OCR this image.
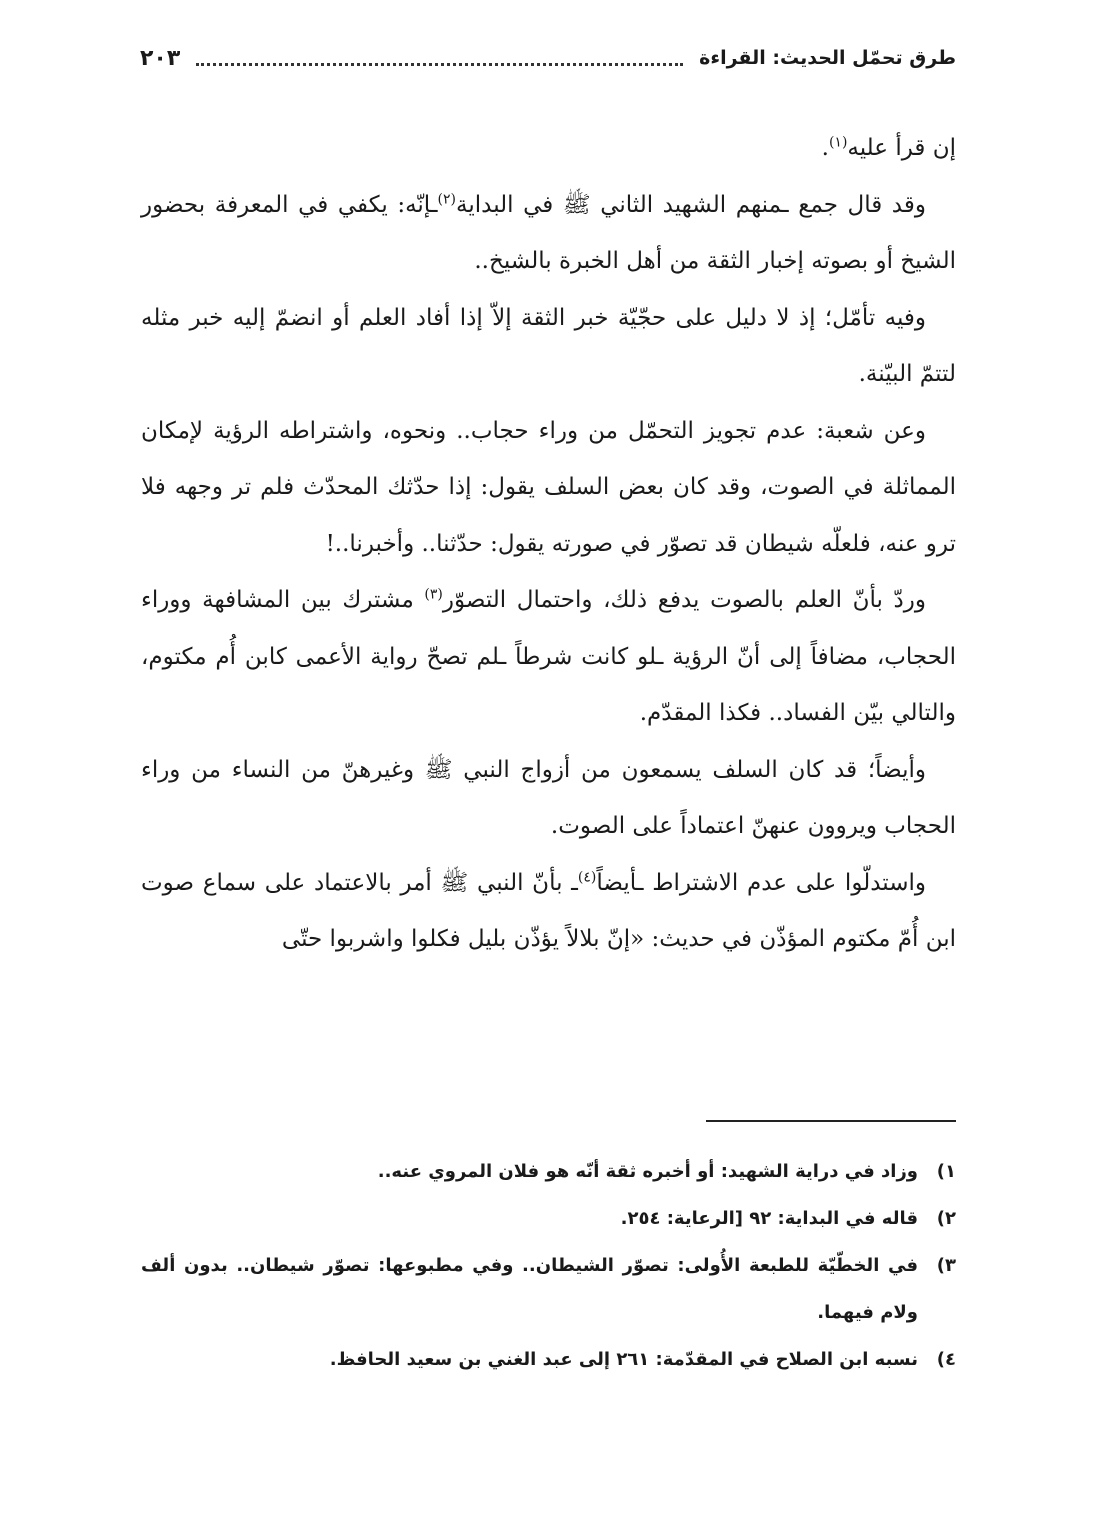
طرق تحمّل الحديث: القراءة
٢٠٣

إن قرأ عليه$^{(١)}$.

وقد قال جمع ـمنهم الشهيد الثاني ﷺ في البداية$^{(٢)}$ـإنّه: يكفي في المعرفة بحضور الشيخ أو بصوته إخبار الثقة من أهل الخبرة بالشيخ..

وفيه تأمّل؛ إذ لا دليل على حجّيّة خبر الثقة إلاّ إذا أفاد العلم أو انضمّ إليه خبر مثله لتتمّ البيّنة.

وعن شعبة: عدم تجويز التحمّل من وراء حجاب.. ونحوه، واشتراطه الرؤية لإمكان المماثلة في الصوت، وقد كان بعض السلف يقول: إذا حدّثك المحدّث فلم تر وجهه فلا ترو عنه، فلعلّه شيطان قد تصوّر في صورته يقول: حدّثنا.. وأخبرنا..!

وردّ بأنّ العلم بالصوت يدفع ذلك، واحتمال التصوّر$^{(٣)}$ مشترك بين المشافهة ووراء الحجاب، مضافاً إلى أنّ الرؤية ـلو كانت شرطاً ـلم تصحّ رواية الأعمى كابن أُم مكتوم، والتالي بيّن الفساد.. فكذا المقدّم.

وأيضاً؛ قد كان السلف يسمعون من أزواج النبي ﷺ وغيرهنّ من النساء من وراء الحجاب ويروون عنهنّ اعتماداً على الصوت.

واستدلّوا على عدم الاشتراط ـأيضاً$^{(٤)}$ـ بأنّ النبي ﷺ أمر بالاعتماد على سماع صوت ابن أُمّ مكتوم المؤذّن في حديث: «إنّ بلالاً يؤذّن بليل فكلوا واشربوا حتّى

١)
وزاد في دراية الشهيد: أو أخبره ثقة أنّه هو فلان المروي عنه..
٢)
قاله في البداية: ٩٢ [الرعاية: ٢٥٤.
٣)
في الخطّيّة للطبعة الأُولى: تصوّر الشيطان.. وفي مطبوعها: تصوّر شيطان.. بدون ألف ولام فيهما.
٤)
نسبه ابن الصلاح في المقدّمة: ٢٦١ إلى عبد الغني بن سعيد الحافظ.
